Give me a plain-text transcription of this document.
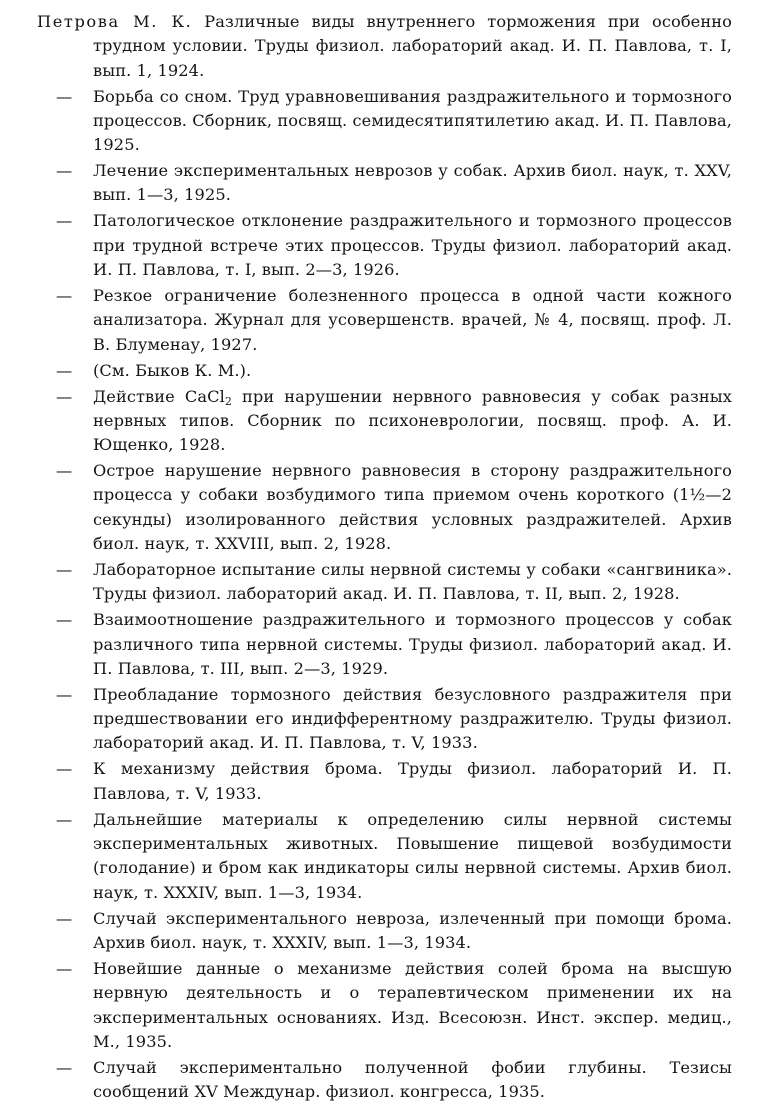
Петрова М. К. Различные виды внутреннего торможения при особенно трудном условии. Труды физиол. лабораторий акад. И. П. Павлова, т. I, вып. 1, 1924.
—	Борьба со сном. Труд уравновешивания раздражительного и тормозного процессов. Сборник, посвящ. семидесятипятилетию акад. И. П. Павлова, 1925.
—	Лечение экспериментальных неврозов у собак. Архив биол. наук, т. XXV, вып. 1—3, 1925.
—	Патологическое отклонение раздражительного и тормозного процессов при трудной встрече этих процессов. Труды физиол. лабораторий акад. И. П. Павлова, т. I, вып. 2—3, 1926.
—	Резкое ограничение болезненного процесса в одной части кожного анализатора. Журнал для усовершенств. врачей, № 4, посвящ. проф. Л. В. Блуменау, 1927.
—	(См. Быков К. М.).
—	Действие CaCl$_2$ при нарушении нервного равновесия у собак разных нервных типов. Сборник по психоневрологии, посвящ. проф. А. И. Ющенко, 1928.
—	Острое нарушение нервного равновесия в сторону раздражительного процесса у собаки возбудимого типа приемом очень короткого (1½—2 секунды) изолированного действия условных раздражителей. Архив биол. наук, т. XXVIII, вып. 2, 1928.
—	Лабораторное испытание силы нервной системы у собаки «сангвиника». Труды физиол. лабораторий акад. И. П. Павлова, т. II, вып. 2, 1928.
—	Взаимоотношение раздражительного и тормозного процессов у собак различного типа нервной системы. Труды физиол. лабораторий акад. И. П. Павлова, т. III, вып. 2—3, 1929.
—	Преобладание тормозного действия безусловного раздражителя при предшествовании его индифферентному раздражителю. Труды физиол. лабораторий акад. И. П. Павлова, т. V, 1933.
—	К механизму действия брома. Труды физиол. лабораторий И. П. Павлова, т. V, 1933.
—	Дальнейшие материалы к определению силы нервной системы экспериментальных животных. Повышение пищевой возбудимости (голодание) и бром как индикаторы силы нервной системы. Архив биол. наук, т. XXXIV, вып. 1—3, 1934.
—	Случай экспериментального невроза, излеченный при помощи брома. Архив биол. наук, т. XXXIV, вып. 1—3, 1934.
—	Новейшие данные о механизме действия солей брома на высшую нервную деятельность и о терапевтическом применении их на экспериментальных основаниях. Изд. Всесоюзн. Инст. экспер. медиц., М., 1935.
—	Случай экспериментально полученной фобии глубины. Тезисы сообщений XV Междунар. физиол. конгресса, 1935.
